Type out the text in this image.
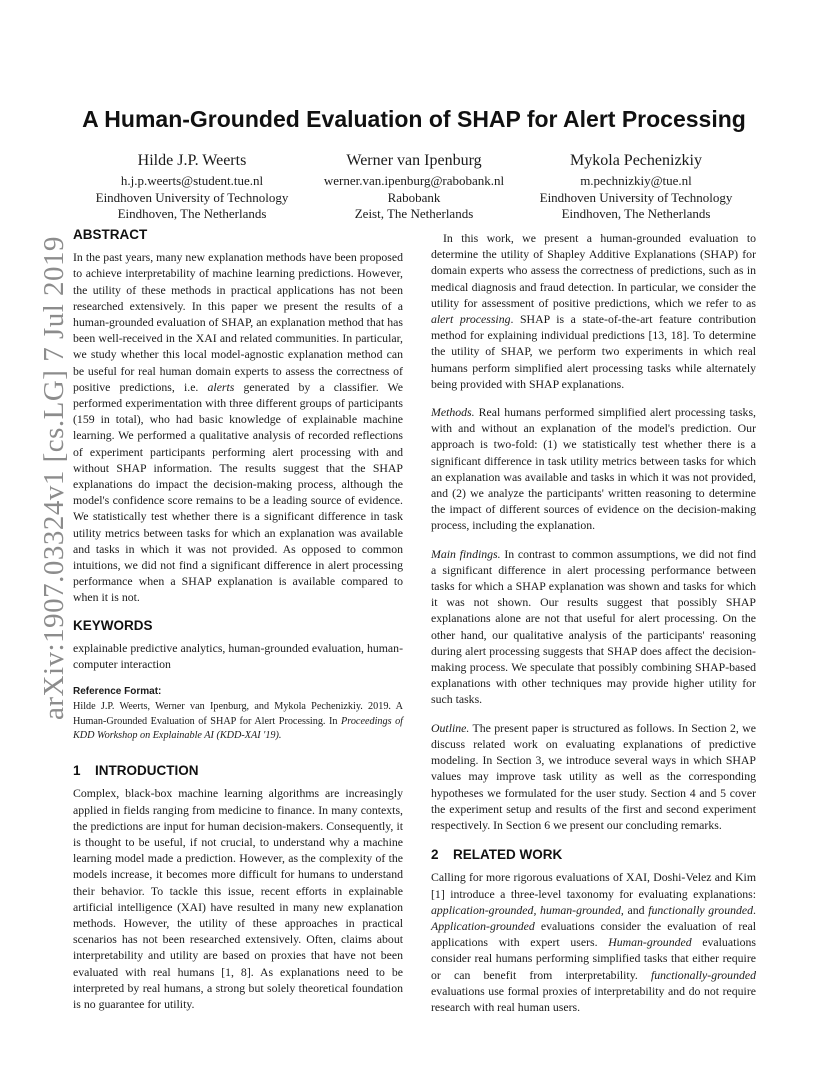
arXiv:1907.03324v1 [cs.LG] 7 Jul 2019
A Human-Grounded Evaluation of SHAP for Alert Processing
Hilde J.P. Weerts
h.j.p.weerts@student.tue.nl
Eindhoven University of Technology
Eindhoven, The Netherlands
Werner van Ipenburg
werner.van.ipenburg@rabobank.nl
Rabobank
Zeist, The Netherlands
Mykola Pechenizkiy
m.pechnizkiy@tue.nl
Eindhoven University of Technology
Eindhoven, The Netherlands
ABSTRACT

In the past years, many new explanation methods have been proposed to achieve interpretability of machine learning predictions. However, the utility of these methods in practical applications has not been researched extensively. In this paper we present the results of a human-grounded evaluation of SHAP, an explanation method that has been well-received in the XAI and related communities. In particular, we study whether this local model-agnostic explanation method can be useful for real human domain experts to assess the correctness of positive predictions, i.e. alerts generated by a classifier. We performed experimentation with three different groups of participants (159 in total), who had basic knowledge of explainable machine learning. We performed a qualitative analysis of recorded reflections of experiment participants performing alert processing with and without SHAP information. The results suggest that the SHAP explanations do impact the decision-making process, although the model's confidence score remains to be a leading source of evidence. We statistically test whether there is a significant difference in task utility metrics between tasks for which an explanation was available and tasks in which it was not provided. As opposed to common intuitions, we did not find a significant difference in alert processing performance when a SHAP explanation is available compared to when it is not.

KEYWORDS

explainable predictive analytics, human-grounded evaluation, human-computer interaction

Reference Format:

Hilde J.P. Weerts, Werner van Ipenburg, and Mykola Pechenizkiy. 2019. A Human-Grounded Evaluation of SHAP for Alert Processing. In Proceedings of KDD Workshop on Explainable AI (KDD-XAI '19).

1 INTRODUCTION

Complex, black-box machine learning algorithms are increasingly applied in fields ranging from medicine to finance. In many contexts, the predictions are input for human decision-makers. Consequently, it is thought to be useful, if not crucial, to understand why a machine learning model made a prediction. However, as the complexity of the models increase, it becomes more difficult for humans to understand their behavior. To tackle this issue, recent efforts in explainable artificial intelligence (XAI) have resulted in many new explanation methods. However, the utility of these approaches in practical scenarios has not been researched extensively. Often, claims about interpretability and utility are based on proxies that have not been evaluated with real humans [1, 8]. As explanations need to be interpreted by real humans, a strong but solely theoretical foundation is no guarantee for utility.

In this work, we present a human-grounded evaluation to determine the utility of Shapley Additive Explanations (SHAP) for domain experts who assess the correctness of predictions, such as in medical diagnosis and fraud detection. In particular, we consider the utility for assessment of positive predictions, which we refer to as alert processing. SHAP is a state-of-the-art feature contribution method for explaining individual predictions [13, 18]. To determine the utility of SHAP, we perform two experiments in which real humans perform simplified alert processing tasks while alternately being provided with SHAP explanations.

Methods. Real humans performed simplified alert processing tasks, with and without an explanation of the model's prediction. Our approach is two-fold: (1) we statistically test whether there is a significant difference in task utility metrics between tasks for which an explanation was available and tasks in which it was not provided, and (2) we analyze the participants' written reasoning to determine the impact of different sources of evidence on the decision-making process, including the explanation.

Main findings. In contrast to common assumptions, we did not find a significant difference in alert processing performance between tasks for which a SHAP explanation was shown and tasks for which it was not shown. Our results suggest that possibly SHAP explanations alone are not that useful for alert processing. On the other hand, our qualitative analysis of the participants' reasoning during alert processing suggests that SHAP does affect the decision-making process. We speculate that possibly combining SHAP-based explanations with other techniques may provide higher utility for such tasks.

Outline. The present paper is structured as follows. In Section 2, we discuss related work on evaluating explanations of predictive modeling. In Section 3, we introduce several ways in which SHAP values may improve task utility as well as the corresponding hypotheses we formulated for the user study. Section 4 and 5 cover the experiment setup and results of the first and second experiment respectively. In Section 6 we present our concluding remarks.

2 RELATED WORK

Calling for more rigorous evaluations of XAI, Doshi-Velez and Kim [1] introduce a three-level taxonomy for evaluating explanations: application-grounded, human-grounded, and functionally grounded. Application-grounded evaluations consider the evaluation of real applications with expert users. Human-grounded evaluations consider real humans performing simplified tasks that either require or can benefit from interpretability. functionally-grounded evaluations use formal proxies of interpretability and do not require research with real human users.
